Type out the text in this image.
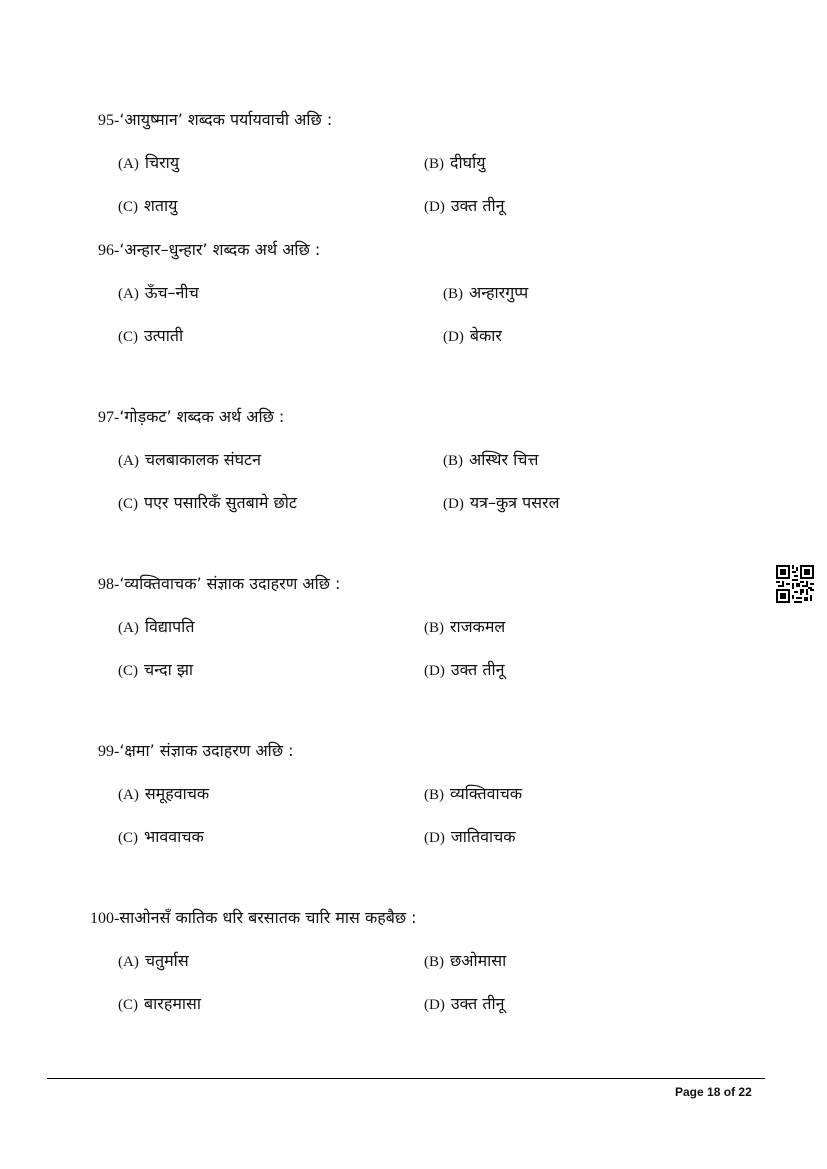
95-‘आयुष्मान’ शब्दक पर्यायवाची अछि :
(A) चिरायु	(B) दीर्घायु
(C) शतायु	(D) उक्त तीनू
96-‘अन्हार–धुन्हार’ शब्दक अर्थ अछि :
(A) ऊँच–नीच	(B) अन्हारगुप्प
(C) उत्पाती	(D) बेकार
97-‘गोड़कट’ शब्दक अर्थ अछि :
(A) चलबाकालक संघटन	(B) अस्थिर चित्त
(C) पएर पसारिकँ सुतबामे छोट	(D) यत्र–कुत्र पसरल
98-‘व्यक्तिवाचक’ संज्ञाक उदाहरण अछि :
(A) विद्यापति	(B) राजकमल
(C) चन्दा झा	(D) उक्त तीनू
99-‘क्षमा’ संज्ञाक उदाहरण अछि :
(A) समूहवाचक	(B) व्यक्तिवाचक
(C) भाववाचक	(D) जातिवाचक
100-साओनसँ कातिक धरि बरसातक चारि मास कहबैछ :
(A) चतुर्मास	(B) छओमासा
(C) बारहमासा	(D) उक्त तीनू
Page 18 of 22
